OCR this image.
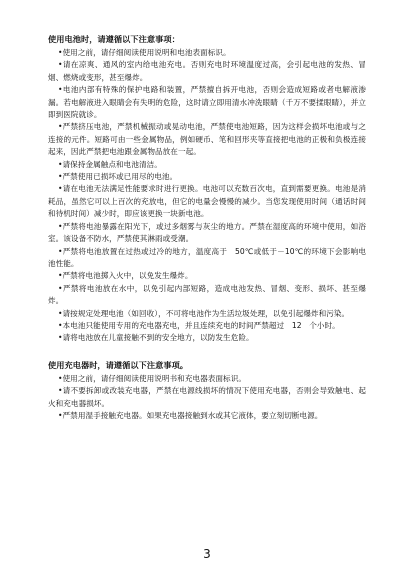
使用电池时，请遵循以下注意事项：

•使用之前，请仔细阅读使用说明和电池表面标识。

•请在凉爽、通风的室内给电池充电。否则充电时环境温度过高，会引起电池的发热、冒烟、燃烧或变形，甚至爆炸。

•电池内部有特殊的保护电路和装置，严禁擅自拆开电池，否则会造成短路或者电解液渗漏。若电解液进入眼睛会有失明的危险，这时请立即用清水冲洗眼睛（千万不要揉眼睛），并立即到医院就诊。

•严禁挤压电池，严禁机械振动或晃动电池，严禁使电池短路，因为这样会损坏电池或与之连接的元件。短路可由一些金属物品，例如硬币、笔和回形夹等直接把电池的正极和负极连接起来，因此严禁把电池跟金属物品放在一起。

•请保持金属触点和电池清洁。

•严禁使用已损坏或已用尽的电池。

•请在电池无法满足性能要求时进行更换。电池可以充数百次电，直到需要更换。电池是消耗品，虽然它可以上百次的充放电，但它的电量会慢慢的减少。当您发现使用时间（通话时间和待机时间）减少时，即应该更换一块新电池。

•严禁将电池暴露在阳光下，或过多烟雾与灰尘的地方。严禁在湿度高的环境中使用，如浴室。该设备不防水，严禁使其淋雨或受潮。

•严禁将电池放置在过热或过冷的地方，温度高于　50℃或低于－10℃的环境下会影响电池性能。

•严禁将电池掷入火中，以免发生爆炸。

•严禁将电池放在水中，以免引起内部短路，造成电池发热、冒烟、变形、损坏、甚至爆炸。

•请按规定处理电池（如回收），不可将电池作为生活垃圾处理，以免引起爆炸和污染。

•本电池只能使用专用的充电器充电，并且连续充电的时间严禁超过　12　个小时。

•请将电池放在儿童接触不到的安全地方，以防发生危险。

使用充电器时，请遵循以下注意事项。

•使用之前，请仔细阅读使用说明书和充电器表面标识。

•请不要拆卸或改装充电器，严禁在电源线损坏的情况下使用充电器，否则会导致触电、起火和充电器损坏。

•严禁用湿手接触充电器。如果充电器接触到水或其它液体，要立刻切断电源。

3
